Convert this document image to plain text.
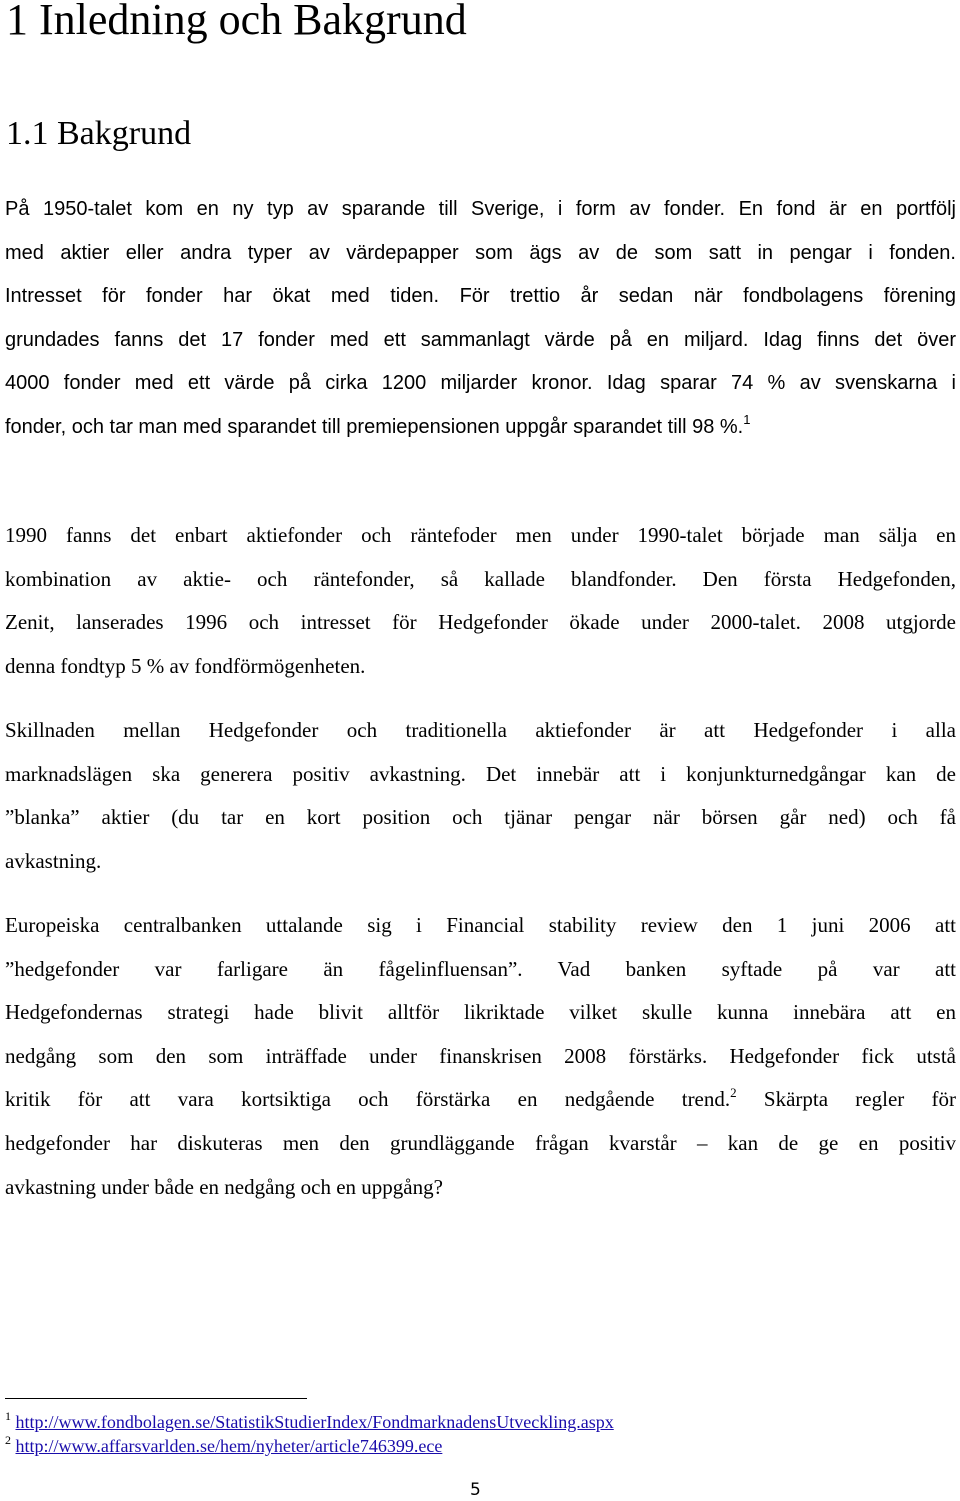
1 Inledning och Bakgrund
1.1 Bakgrund
På 1950-talet kom en ny typ av sparande till Sverige, i form av fonder. En fond är en portfölj
med aktier eller andra typer av värdepapper som ägs av de som satt in pengar i fonden.
Intresset för fonder har ökat med tiden. För trettio år sedan när fondbolagens förening
grundades fanns det 17 fonder med ett sammanlagt värde på en miljard. Idag finns det över
4000 fonder med ett värde på cirka 1200 miljarder kronor. Idag sparar 74 % av svenskarna i
fonder, och tar man med sparandet till premiepensionen uppgår sparandet till 98 %.$^1$
1990 fanns det enbart aktiefonder och räntefoder men under 1990-talet började man sälja en
kombination av aktie- och räntefonder, så kallade blandfonder. Den första Hedgefonden,
Zenit, lanserades 1996 och intresset för Hedgefonder ökade under 2000-talet. 2008 utgjorde
denna fondtyp 5 % av fondförmögenheten.
Skillnaden mellan Hedgefonder och traditionella aktiefonder är att Hedgefonder i alla
marknadslägen ska generera positiv avkastning. Det innebär att i konjunkturnedgångar kan de
”blanka” aktier (du tar en kort position och tjänar pengar när börsen går ned) och få
avkastning.
Europeiska centralbanken uttalande sig i Financial stability review den 1 juni 2006 att
”hedgefonder var farligare än fågelinfluensan”. Vad banken syftade på var att
Hedgefondernas strategi hade blivit alltför likriktade vilket skulle kunna innebära att en
nedgång som den som inträffade under finanskrisen 2008 förstärks. Hedgefonder fick utstå
kritik för att vara kortsiktiga och förstärka en nedgående trend.$^2$ Skärpta regler för
hedgefonder har diskuteras men den grundläggande frågan kvarstår – kan de ge en positiv
avkastning under både en nedgång och en uppgång?

$^1$ http://www.fondbolagen.se/StatistikStudierIndex/FondmarknadensUtveckling.aspx

$^2$ http://www.affarsvarlden.se/hem/nyheter/article746399.ece

5
